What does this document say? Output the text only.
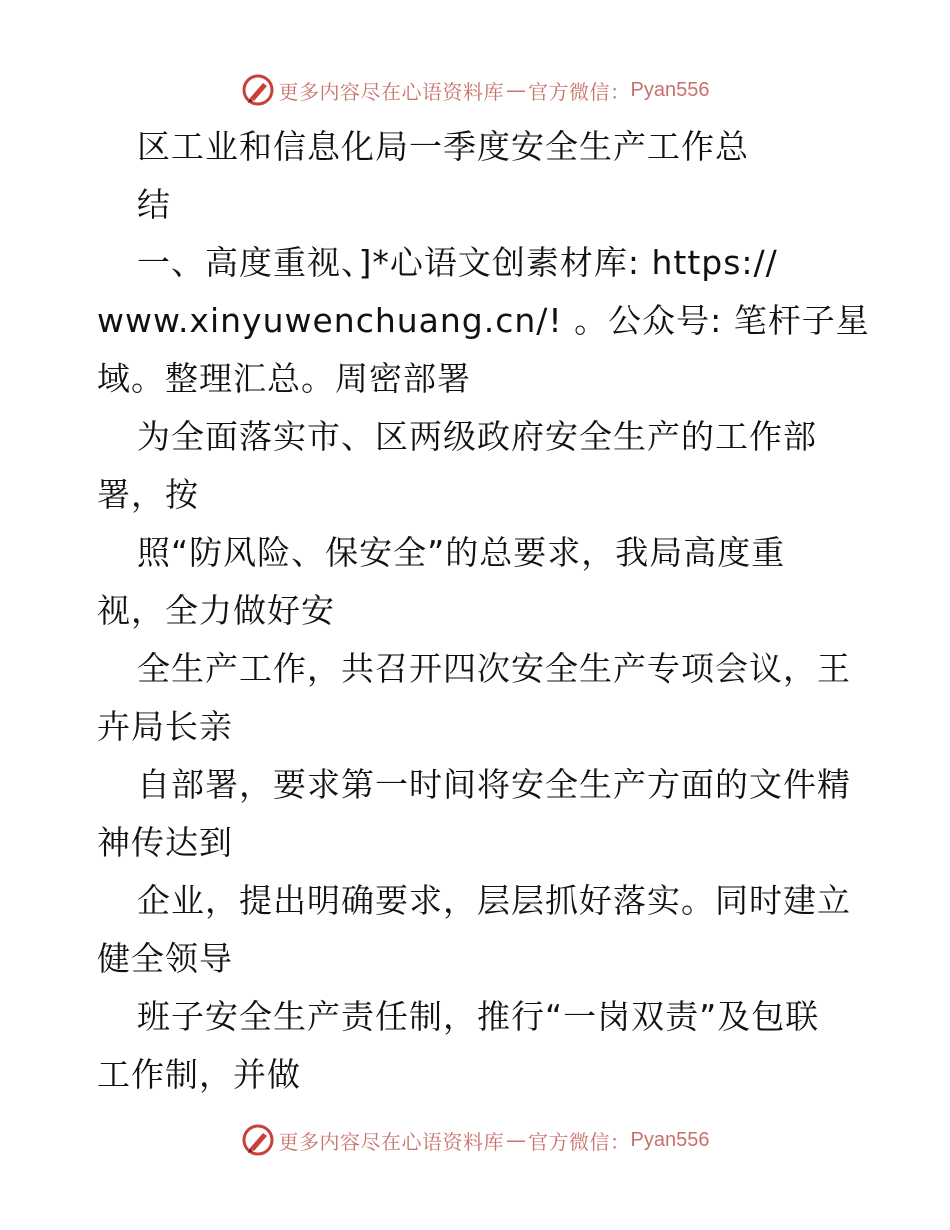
更多内容尽在心语资料库 — 官方微信： Pyan556
区工业和信息化局一季度安全生产工作总
结
一、高度重视、]*心语文创素材库: https://
www.xinyuwenchuang.cn/! 。公众号: 笔杆子星
域。整理汇总。周密部署
为全面落实市、区两级政府安全生产的工作部
署，按
照“防风险、保安全”的总要求，我局高度重
视，全力做好安
全生产工作，共召开四次安全生产专项会议，王
卉局长亲
自部署，要求第一时间将安全生产方面的文件精
神传达到
企业，提出明确要求，层层抓好落实。同时建立
健全领导
班子安全生产责任制，推行“一岗双责”及包联
工作制，并做
更多内容尽在心语资料库 — 官方微信： Pyan556
